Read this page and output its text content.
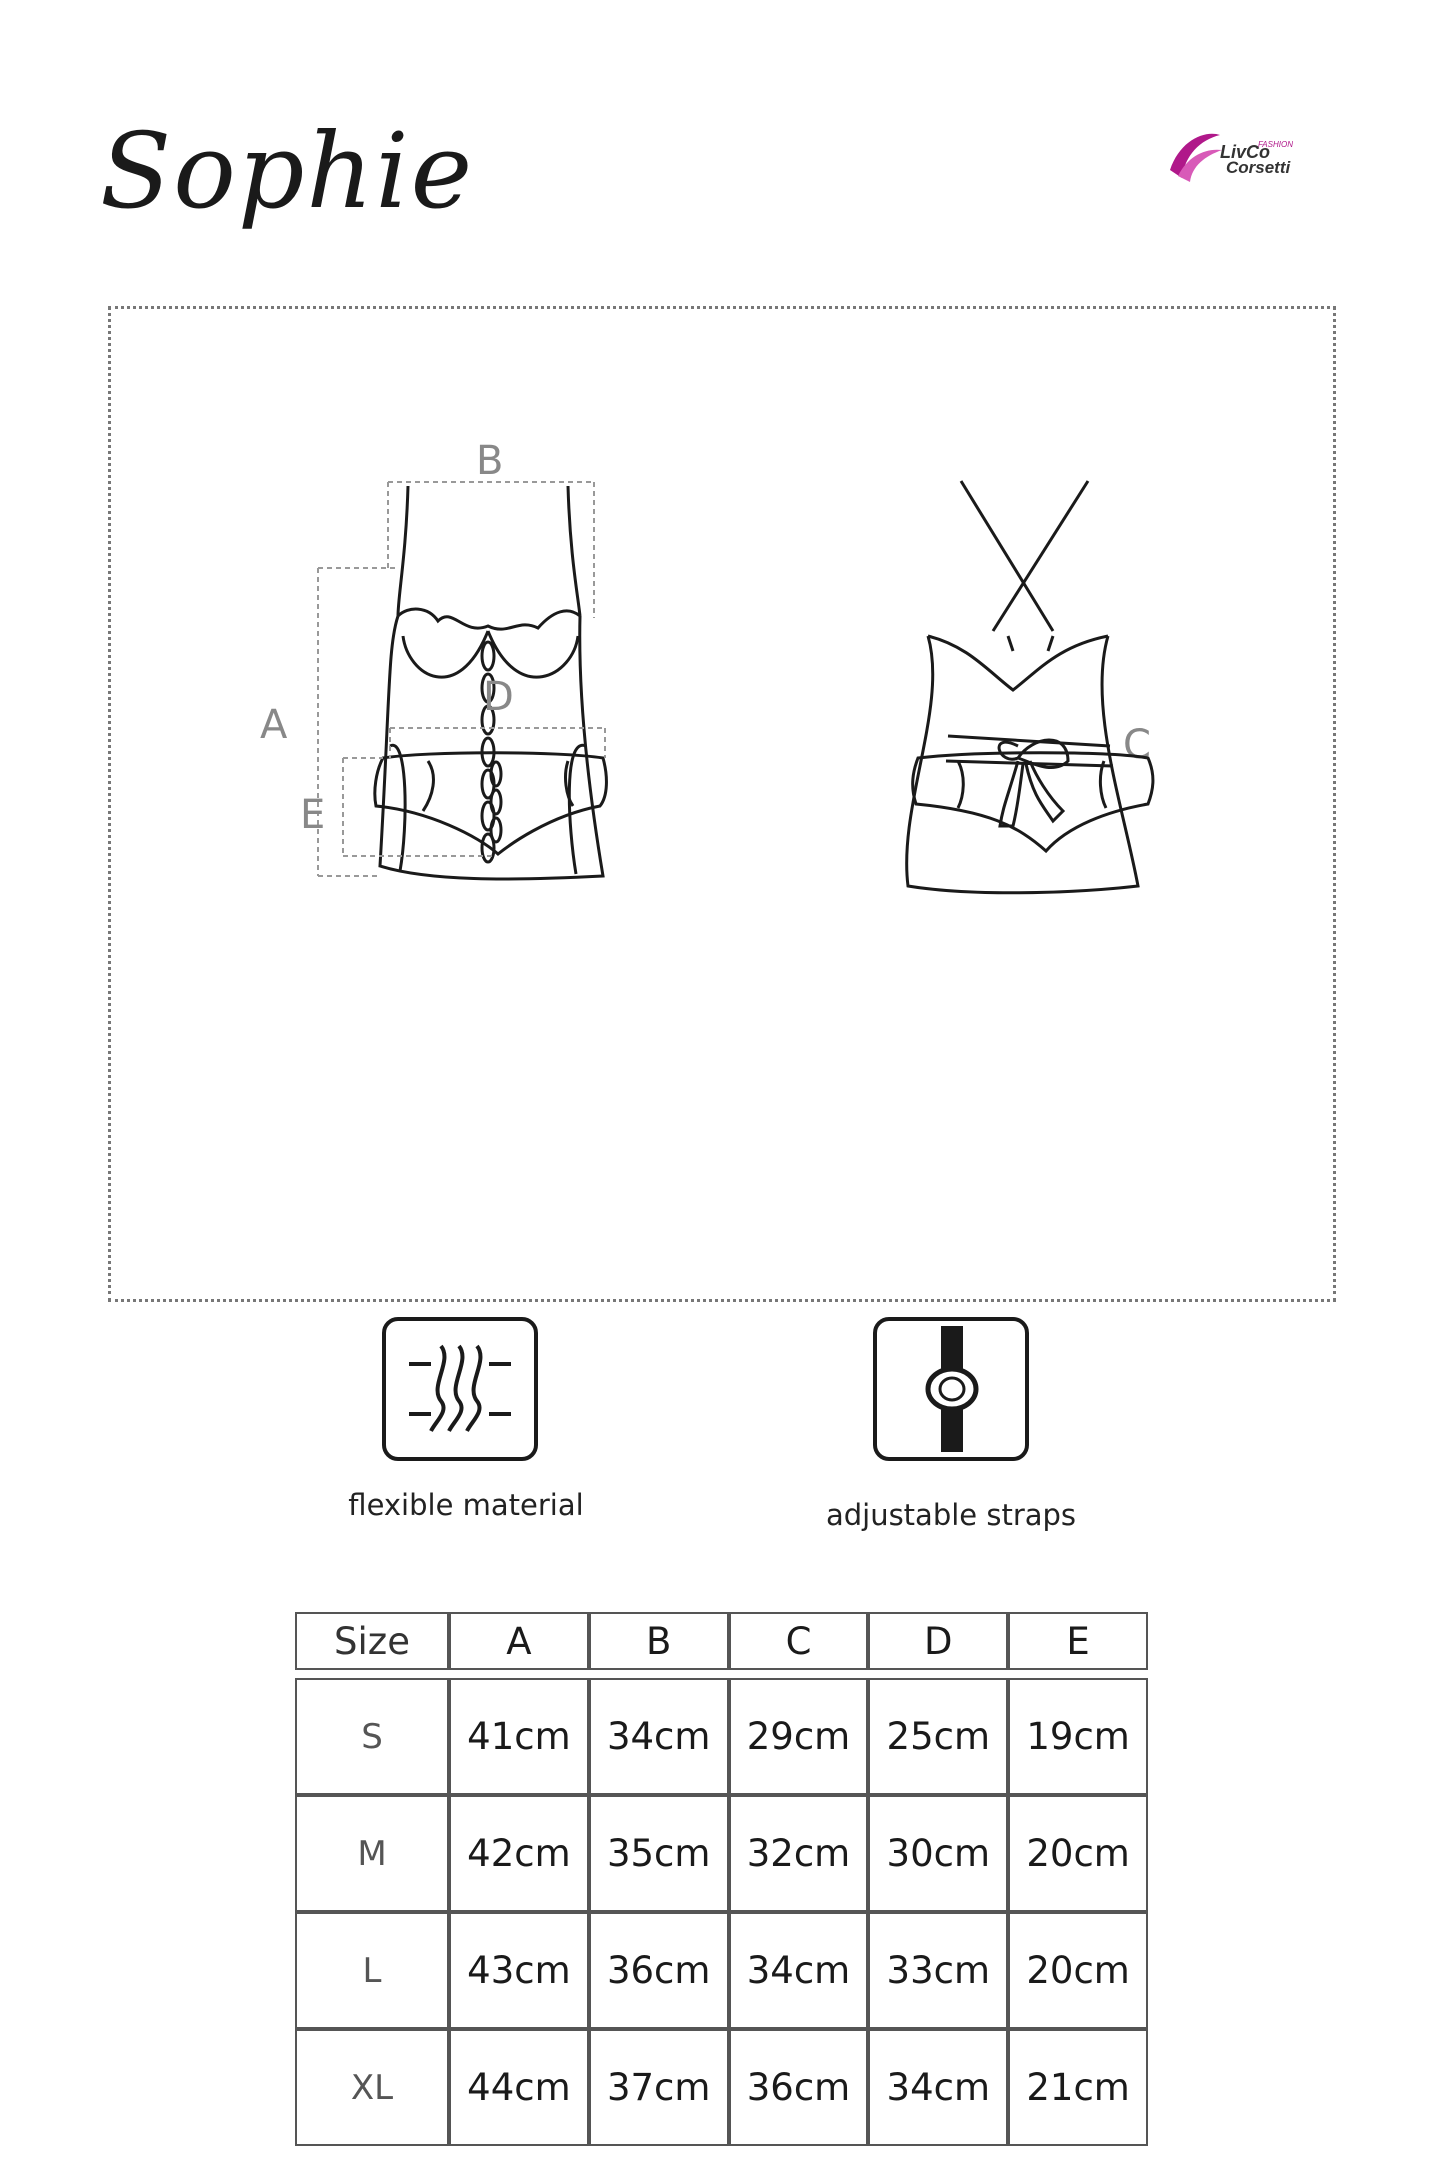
Sophie	LivCo
FASHION
Corsetti
B
A	C
D
E
flexible material	adjustable straps
Size	A	B	C	D	E

S	41cm	34cm	29cm	25cm	19cm
M	42cm	35cm	32cm	30cm	20cm
L	43cm	36cm	34cm	33cm	20cm
XL	44cm	37cm	36cm	34cm	21cm
